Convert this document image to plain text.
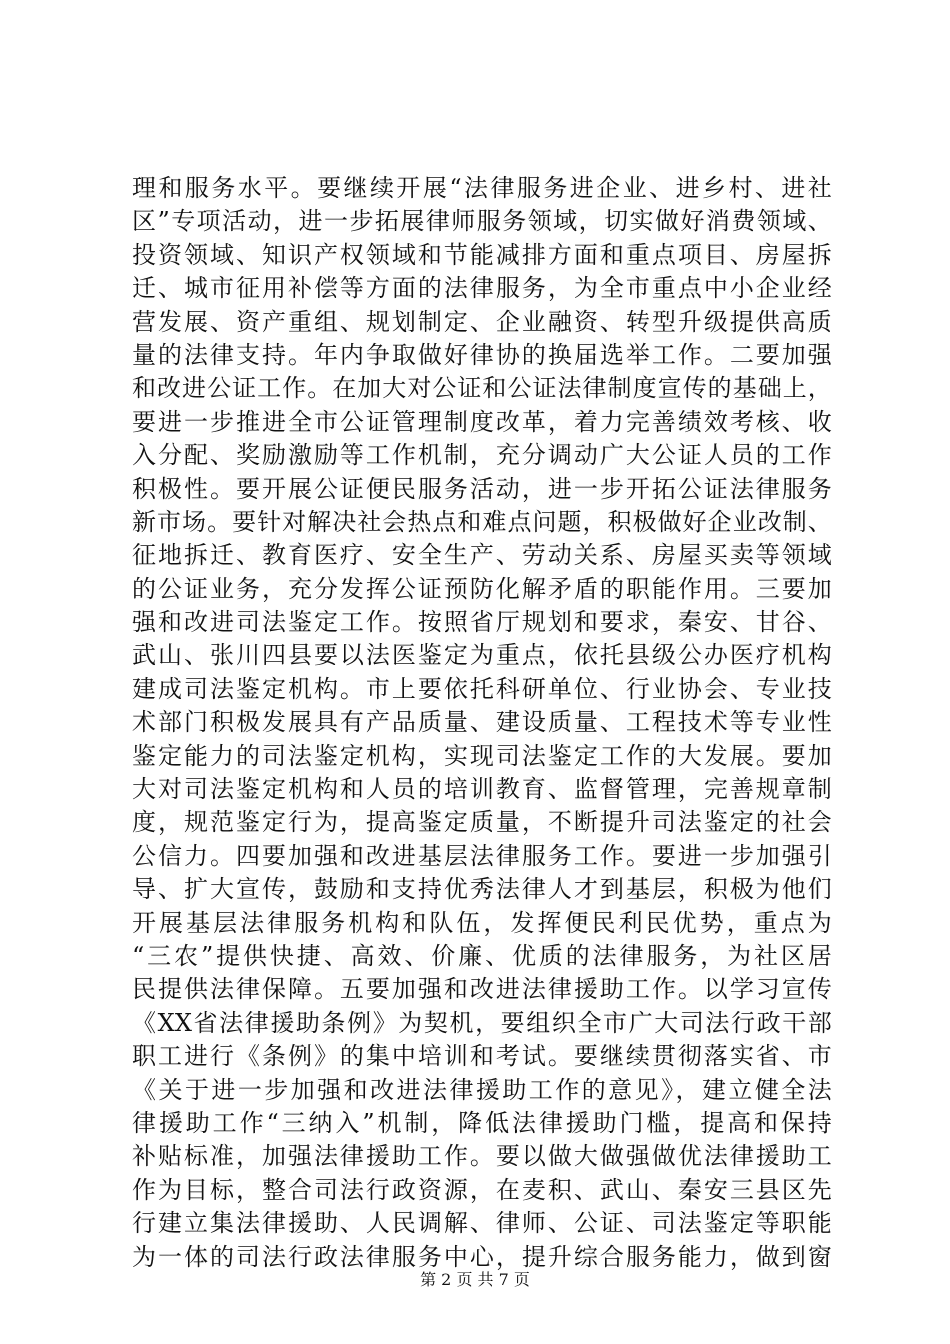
理和服务水平。要继续开展“法律服务进企业、进乡村、进社
区”专项活动，进一步拓展律师服务领域，切实做好消费领域、
投资领域、知识产权领域和节能减排方面和重点项目、房屋拆
迁、城市征用补偿等方面的法律服务，为全市重点中小企业经
营发展、资产重组、规划制定、企业融资、转型升级提供高质
量的法律支持。年内争取做好律协的换届选举工作。二要加强
和改进公证工作。在加大对公证和公证法律制度宣传的基础上，
要进一步推进全市公证管理制度改革，着力完善绩效考核、收
入分配、奖励激励等工作机制，充分调动广大公证人员的工作
积极性。要开展公证便民服务活动，进一步开拓公证法律服务
新市场。要针对解决社会热点和难点问题，积极做好企业改制、
征地拆迁、教育医疗、安全生产、劳动关系、房屋买卖等领域
的公证业务，充分发挥公证预防化解矛盾的职能作用。三要加
强和改进司法鉴定工作。按照省厅规划和要求，秦安、甘谷、
武山、张川四县要以法医鉴定为重点，依托县级公办医疗机构
建成司法鉴定机构。市上要依托科研单位、行业协会、专业技
术部门积极发展具有产品质量、建设质量、工程技术等专业性
鉴定能力的司法鉴定机构，实现司法鉴定工作的大发展。要加
大对司法鉴定机构和人员的培训教育、监督管理，完善规章制
度，规范鉴定行为，提高鉴定质量，不断提升司法鉴定的社会
公信力。四要加强和改进基层法律服务工作。要进一步加强引
导、扩大宣传，鼓励和支持优秀法律人才到基层，积极为他们
开展基层法律服务机构和队伍，发挥便民利民优势，重点为
“三农”提供快捷、高效、价廉、优质的法律服务，为社区居
民提供法律保障。五要加强和改进法律援助工作。以学习宣传
《XX省法律援助条例》为契机，要组织全市广大司法行政干部
职工进行《条例》的集中培训和考试。要继续贯彻落实省、市
《关于进一步加强和改进法律援助工作的意见》，建立健全法
律援助工作“三纳入”机制，降低法律援助门槛，提高和保持
补贴标准，加强法律援助工作。要以做大做强做优法律援助工
作为目标，整合司法行政资源，在麦积、武山、秦安三县区先
行建立集法律援助、人民调解、律师、公证、司法鉴定等职能
为一体的司法行政法律服务中心，提升综合服务能力，做到窗
第 2 页 共 7 页
